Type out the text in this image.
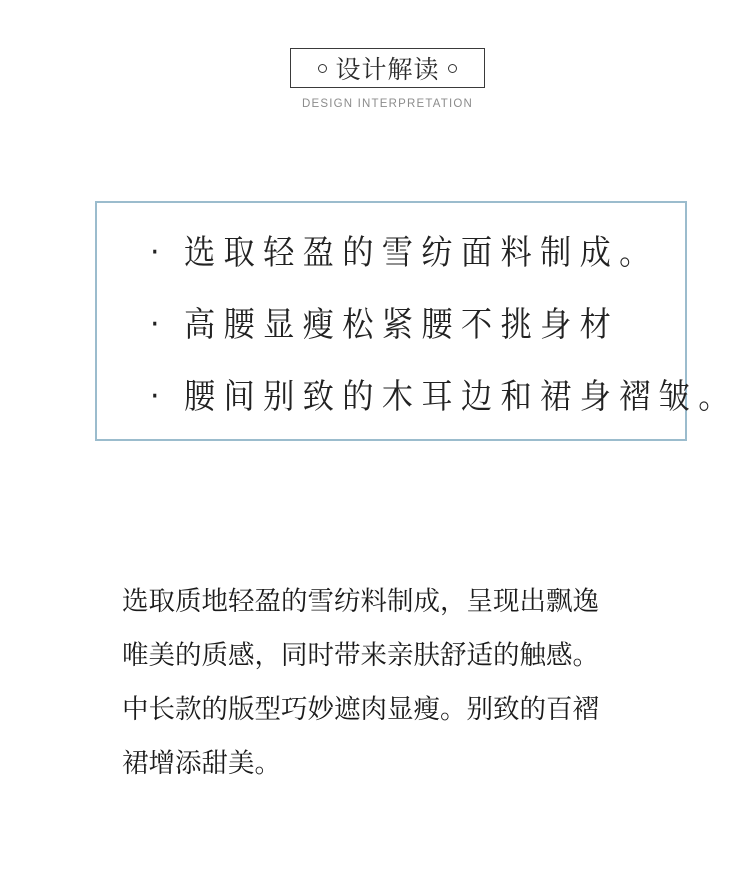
设计解读
DESIGN INTERPRETATION
· 选取轻盈的雪纺面料制成。
· 高腰显瘦松紧腰不挑身材
· 腰间别致的木耳边和裙身褶皱。
选取质地轻盈的雪纺料制成，呈现出飘逸
唯美的质感，同时带来亲肤舒适的触感。
中长款的版型巧妙遮肉显瘦。别致的百褶
裙增添甜美。
